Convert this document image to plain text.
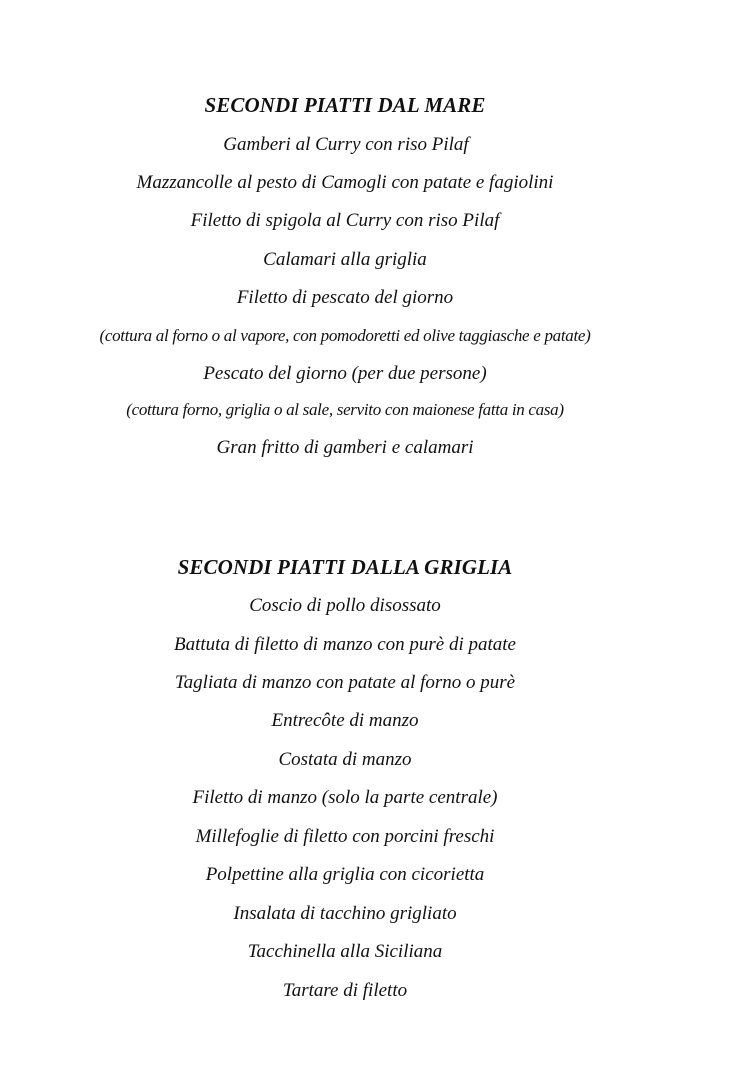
SECONDI PIATTI DAL MARE
Gamberi al Curry con riso Pilaf
Mazzancolle al pesto di Camogli con patate e fagiolini
Filetto di spigola al Curry con riso Pilaf
Calamari alla griglia
Filetto di pescato del giorno
(cottura al forno o al vapore, con pomodoretti ed olive taggiasche e patate)
Pescato del giorno (per due persone)
(cottura forno, griglia o al sale, servito con maionese fatta in casa)
Gran fritto di gamberi e calamari
SECONDI PIATTI DALLA GRIGLIA
Coscio di pollo disossato
Battuta di filetto di manzo con purè di patate
Tagliata di manzo con patate al forno o purè
Entrecôte di manzo
Costata di manzo
Filetto di manzo (solo la parte centrale)
Millefoglie di filetto con porcini freschi
Polpettine alla griglia con cicorietta
Insalata di tacchino grigliato
Tacchinella alla Siciliana
Tartare di filetto
